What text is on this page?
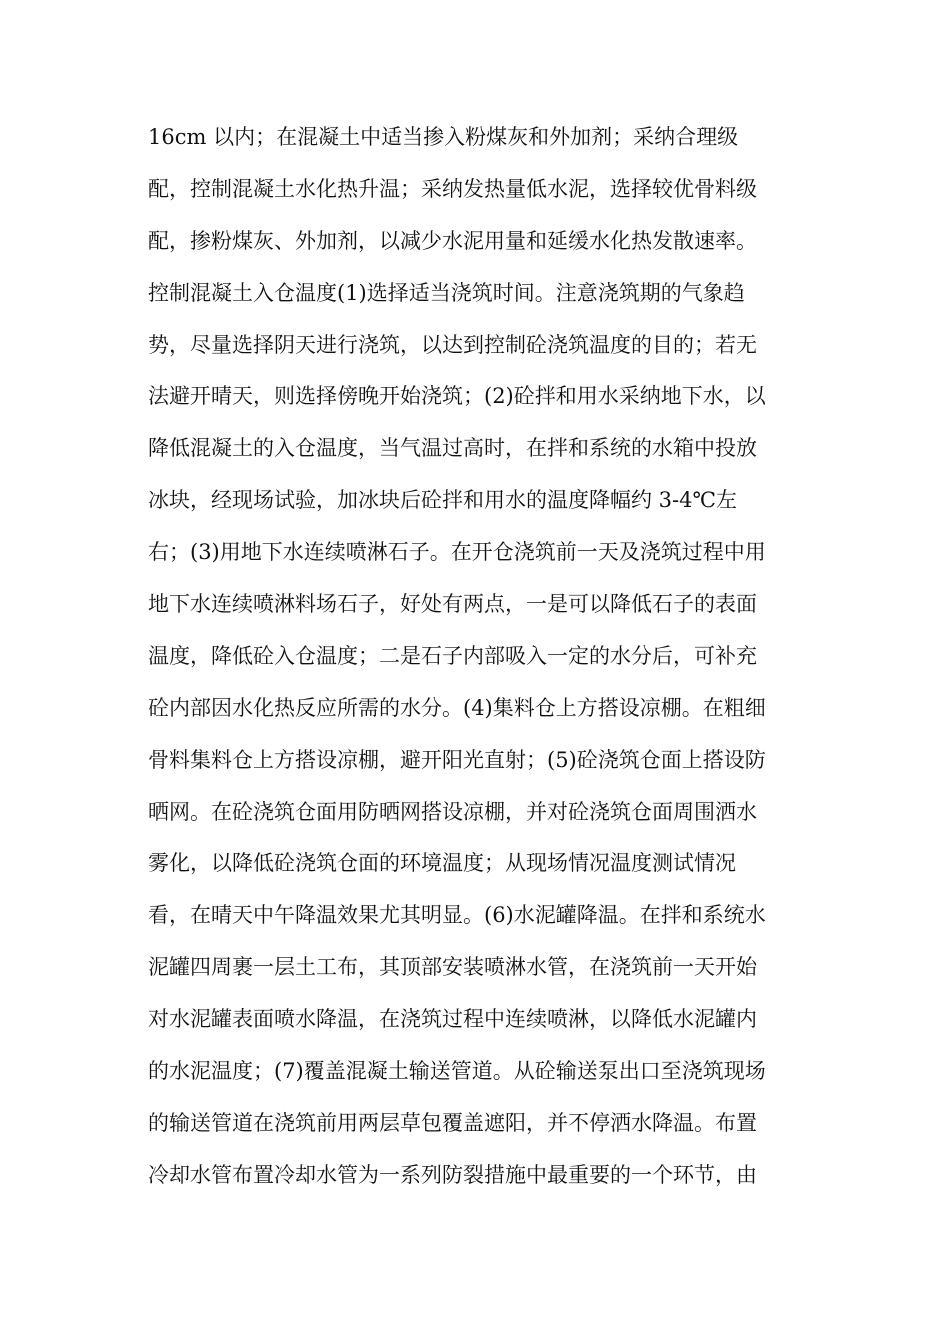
16cm 以内；在混凝土中适当掺入粉煤灰和外加剂；采纳合理级
配，控制混凝土水化热升温；采纳发热量低水泥，选择较优骨料级
配，掺粉煤灰、外加剂，以减少水泥用量和延缓水化热发散速率。
控制混凝土入仓温度(1)选择适当浇筑时间。注意浇筑期的气象趋
势，尽量选择阴天进行浇筑，以达到控制砼浇筑温度的目的；若无
法避开晴天，则选择傍晚开始浇筑；(2)砼拌和用水采纳地下水，以
降低混凝土的入仓温度，当气温过高时，在拌和系统的水箱中投放
冰块，经现场试验，加冰块后砼拌和用水的温度降幅约 3-4℃左
右；(3)用地下水连续喷淋石子。在开仓浇筑前一天及浇筑过程中用
地下水连续喷淋料场石子，好处有两点，一是可以降低石子的表面
温度，降低砼入仓温度；二是石子内部吸入一定的水分后，可补充
砼内部因水化热反应所需的水分。(4)集料仓上方搭设凉棚。在粗细
骨料集料仓上方搭设凉棚，避开阳光直射；(5)砼浇筑仓面上搭设防
晒网。在砼浇筑仓面用防晒网搭设凉棚，并对砼浇筑仓面周围洒水
雾化，以降低砼浇筑仓面的环境温度；从现场情况温度测试情况
看，在晴天中午降温效果尤其明显。(6)水泥罐降温。在拌和系统水
泥罐四周裹一层土工布，其顶部安装喷淋水管，在浇筑前一天开始
对水泥罐表面喷水降温，在浇筑过程中连续喷淋，以降低水泥罐内
的水泥温度；(7)覆盖混凝土输送管道。从砼输送泵出口至浇筑现场
的输送管道在浇筑前用两层草包覆盖遮阳，并不停洒水降温。布置
冷却水管布置冷却水管为一系列防裂措施中最重要的一个环节，由
